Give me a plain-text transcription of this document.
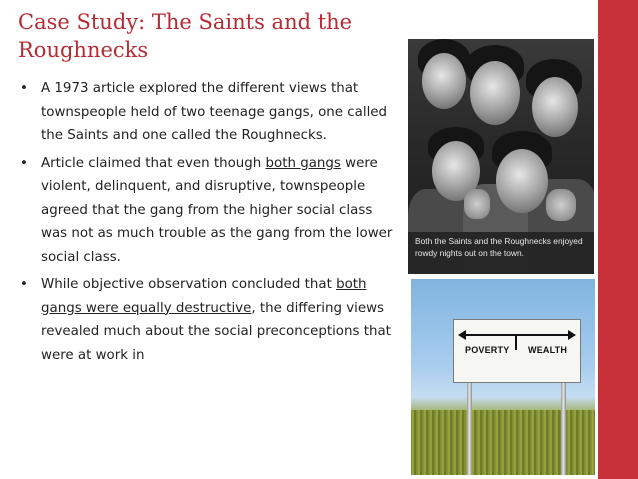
Case Study: The Saints and the Roughnecks
• A 1973 article explored the different views that townspeople held of two teenage gangs, one called the Saints and one called the Roughnecks.
• Article claimed that even though both gangs were violent, delinquent, and disruptive, townspeople agreed that the gang from the higher social class was not as much trouble as the gang from the lower social class.
• While objective observation concluded that both gangs were equally destructive, the differing views revealed much about the social preconceptions that were at work in
Both the Saints and the Roughnecks enjoyed rowdy nights out on the town.
POVERTY WEALTH
